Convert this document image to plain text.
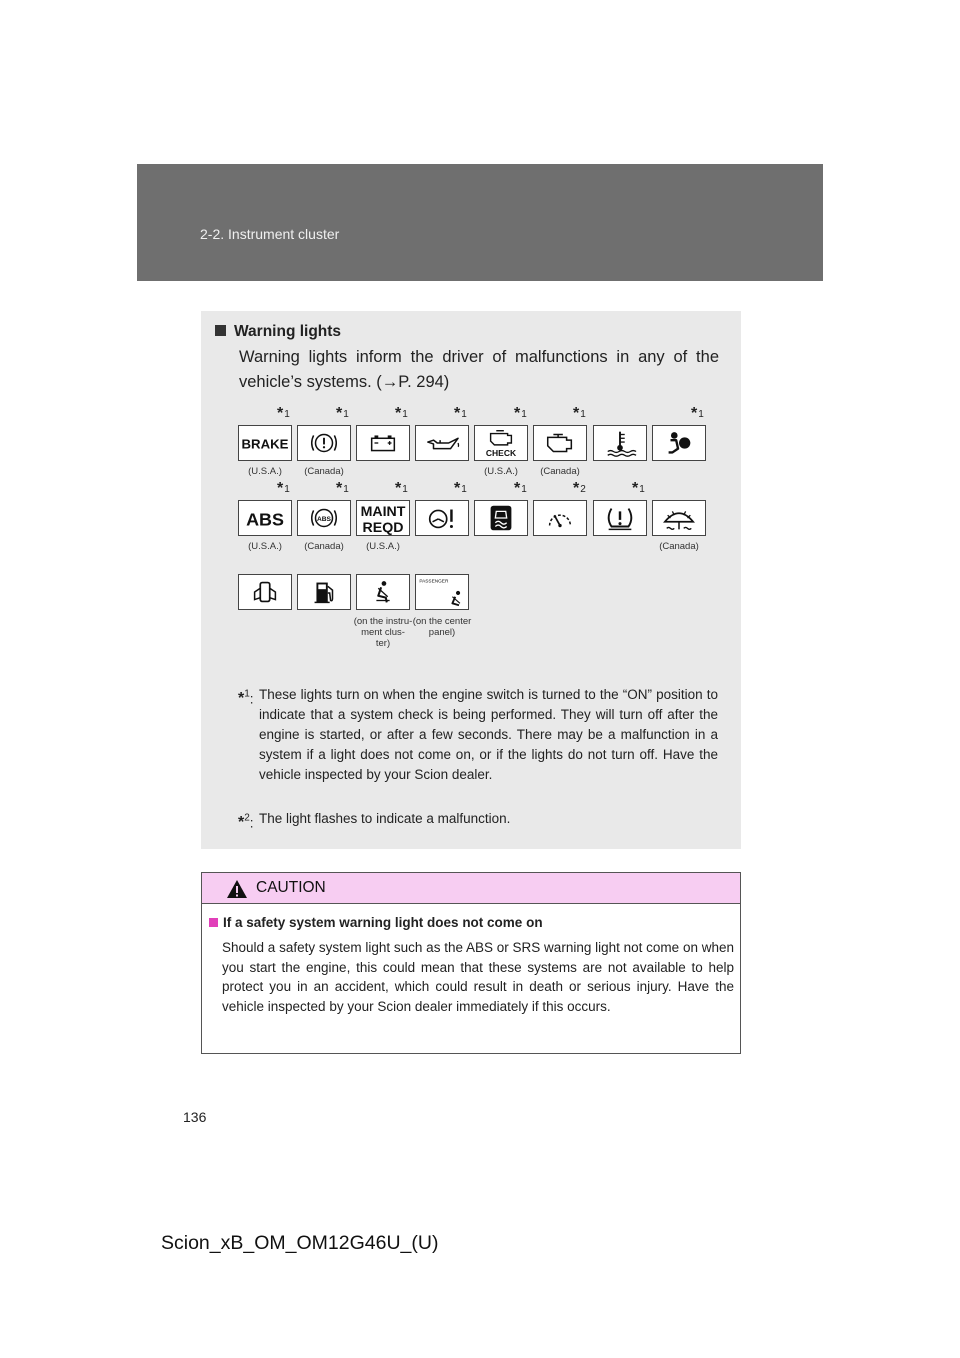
2-2. Instrument cluster
Warning lights
Warning lights inform the driver of malfunctions in any of the vehicle’s systems. (→P. 294)
$*_1$	$*_1$	$*_1$	$*_1$	$*_1$	$*_1$	$*_1$
BRAKE
CHECK
(U.S.A.)	(Canada)	(U.S.A.)	(Canada)
$*_1$	$*_1$	$*_1$	$*_1$	$*_1$	$*_2$	$*_1$
ABS	ABS MAINT
REQD
(U.S.A.)	(Canada)	(U.S.A.)	(Canada)
PASSENGER
(on the instru- ment clus- ter)
(on the center panel)
*$^1$: These lights turn on when the engine switch is turned to the “ON” position to indicate that a system check is being performed. They will turn off after the engine is started, or after a few seconds. There may be a malfunction in a system if a light does not come on, or if the lights do not turn off. Have the vehicle inspected by your Scion dealer.
*$^2$: The light flashes to indicate a malfunction.
CAUTION
If a safety system warning light does not come on
Should a safety system light such as the ABS or SRS warning light not come on when you start the engine, this could mean that these systems are not available to help protect you in an accident, which could result in death or serious injury. Have the vehicle inspected by your Scion dealer immediately if this occurs.
136
Scion_xB_OM_OM12G46U_(U)
